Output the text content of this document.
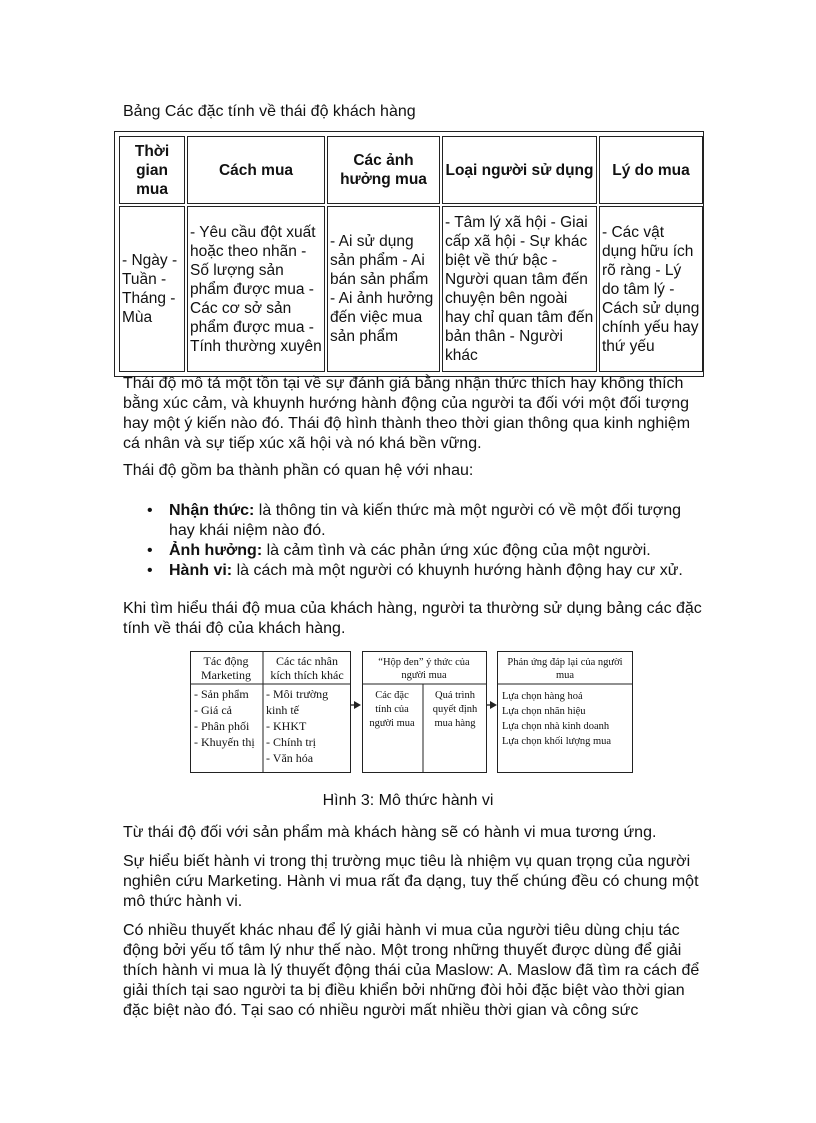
Bảng Các đặc tính về thái độ khách hàng
Thời gian mua	Cách mua	Các ảnh hưởng mua	Loại người sử dụng	Lý do mua
- Ngày - Tuần - Tháng - Mùa	- Yêu cầu đột xuất hoặc theo nhãn - Số lượng sản phẩm được mua - Các cơ sở sản phẩm được mua - Tính thường xuyên	- Ai sử dụng sản phẩm - Ai bán sản phẩm - Ai ảnh hưởng đến việc mua sản phẩm	- Tâm lý xã hội - Giai cấp xã hội - Sự khác biệt về thứ bậc - Người quan tâm đến chuyện bên ngoài hay chỉ quan tâm đến bản thân - Người khác	- Các vật dụng hữu ích rõ ràng - Lý do tâm lý - Cách sử dụng chính yếu hay thứ yếu
Thái độ mô tả một tồn tại về sự đánh giá bằng nhận thức thích hay không thích bằng xúc cảm, và khuynh hướng hành động của người ta đối với một đối tượng hay một ý kiến nào đó. Thái độ hình thành theo thời gian thông qua kinh nghiệm cá nhân và sự tiếp xúc xã hội và nó khá bền vững.
Thái độ gồm ba thành phần có quan hệ với nhau:
• Nhận thức: là thông tin và kiến thức mà một người có về một đối tượng hay khái niệm nào đó.
• Ảnh hưởng: là cảm tình và các phản ứng xúc động của một người.
• Hành vi: là cách mà một người có khuynh hướng hành động hay cư xử.
Khi tìm hiểu thái độ mua của khách hàng, người ta thường sử dụng bảng các đặc tính về thái độ của khách hàng.
Tác động
Marketing
Các tác nhân
kích thích khác
- Sản phẩm
- Giá cả
- Phân phối
- Khuyến thị
- Môi trường
kinh tế
- KHKT
- Chính trị
- Văn hóa
“Hộp đen” ý thức của
người mua
Các đặc
tính của
người mua
Quá trình
quyết định
mua hàng
Phản ứng đáp lại của người
mua
Lựa chọn hàng hoá
Lựa chọn nhãn hiệu
Lựa chọn nhà kinh doanh
Lựa chọn khối lượng mua
Hình 3: Mô thức hành vi
Từ thái độ đối với sản phẩm mà khách hàng sẽ có hành vi mua tương ứng.
Sự hiểu biết hành vi trong thị trường mục tiêu là nhiệm vụ quan trọng của người nghiên cứu Marketing. Hành vi mua rất đa dạng, tuy thế chúng đều có chung một mô thức hành vi.
Có nhiều thuyết khác nhau để lý giải hành vi mua của người tiêu dùng chịu tác động bởi yếu tố tâm lý như thế nào. Một trong những thuyết được dùng để giải thích hành vi mua là lý thuyết động thái của Maslow: A. Maslow đã tìm ra cách để giải thích tại sao người ta bị điều khiển bởi những đòi hỏi đặc biệt vào thời gian đặc biệt nào đó. Tại sao có nhiều người mất nhiều thời gian và công sức
